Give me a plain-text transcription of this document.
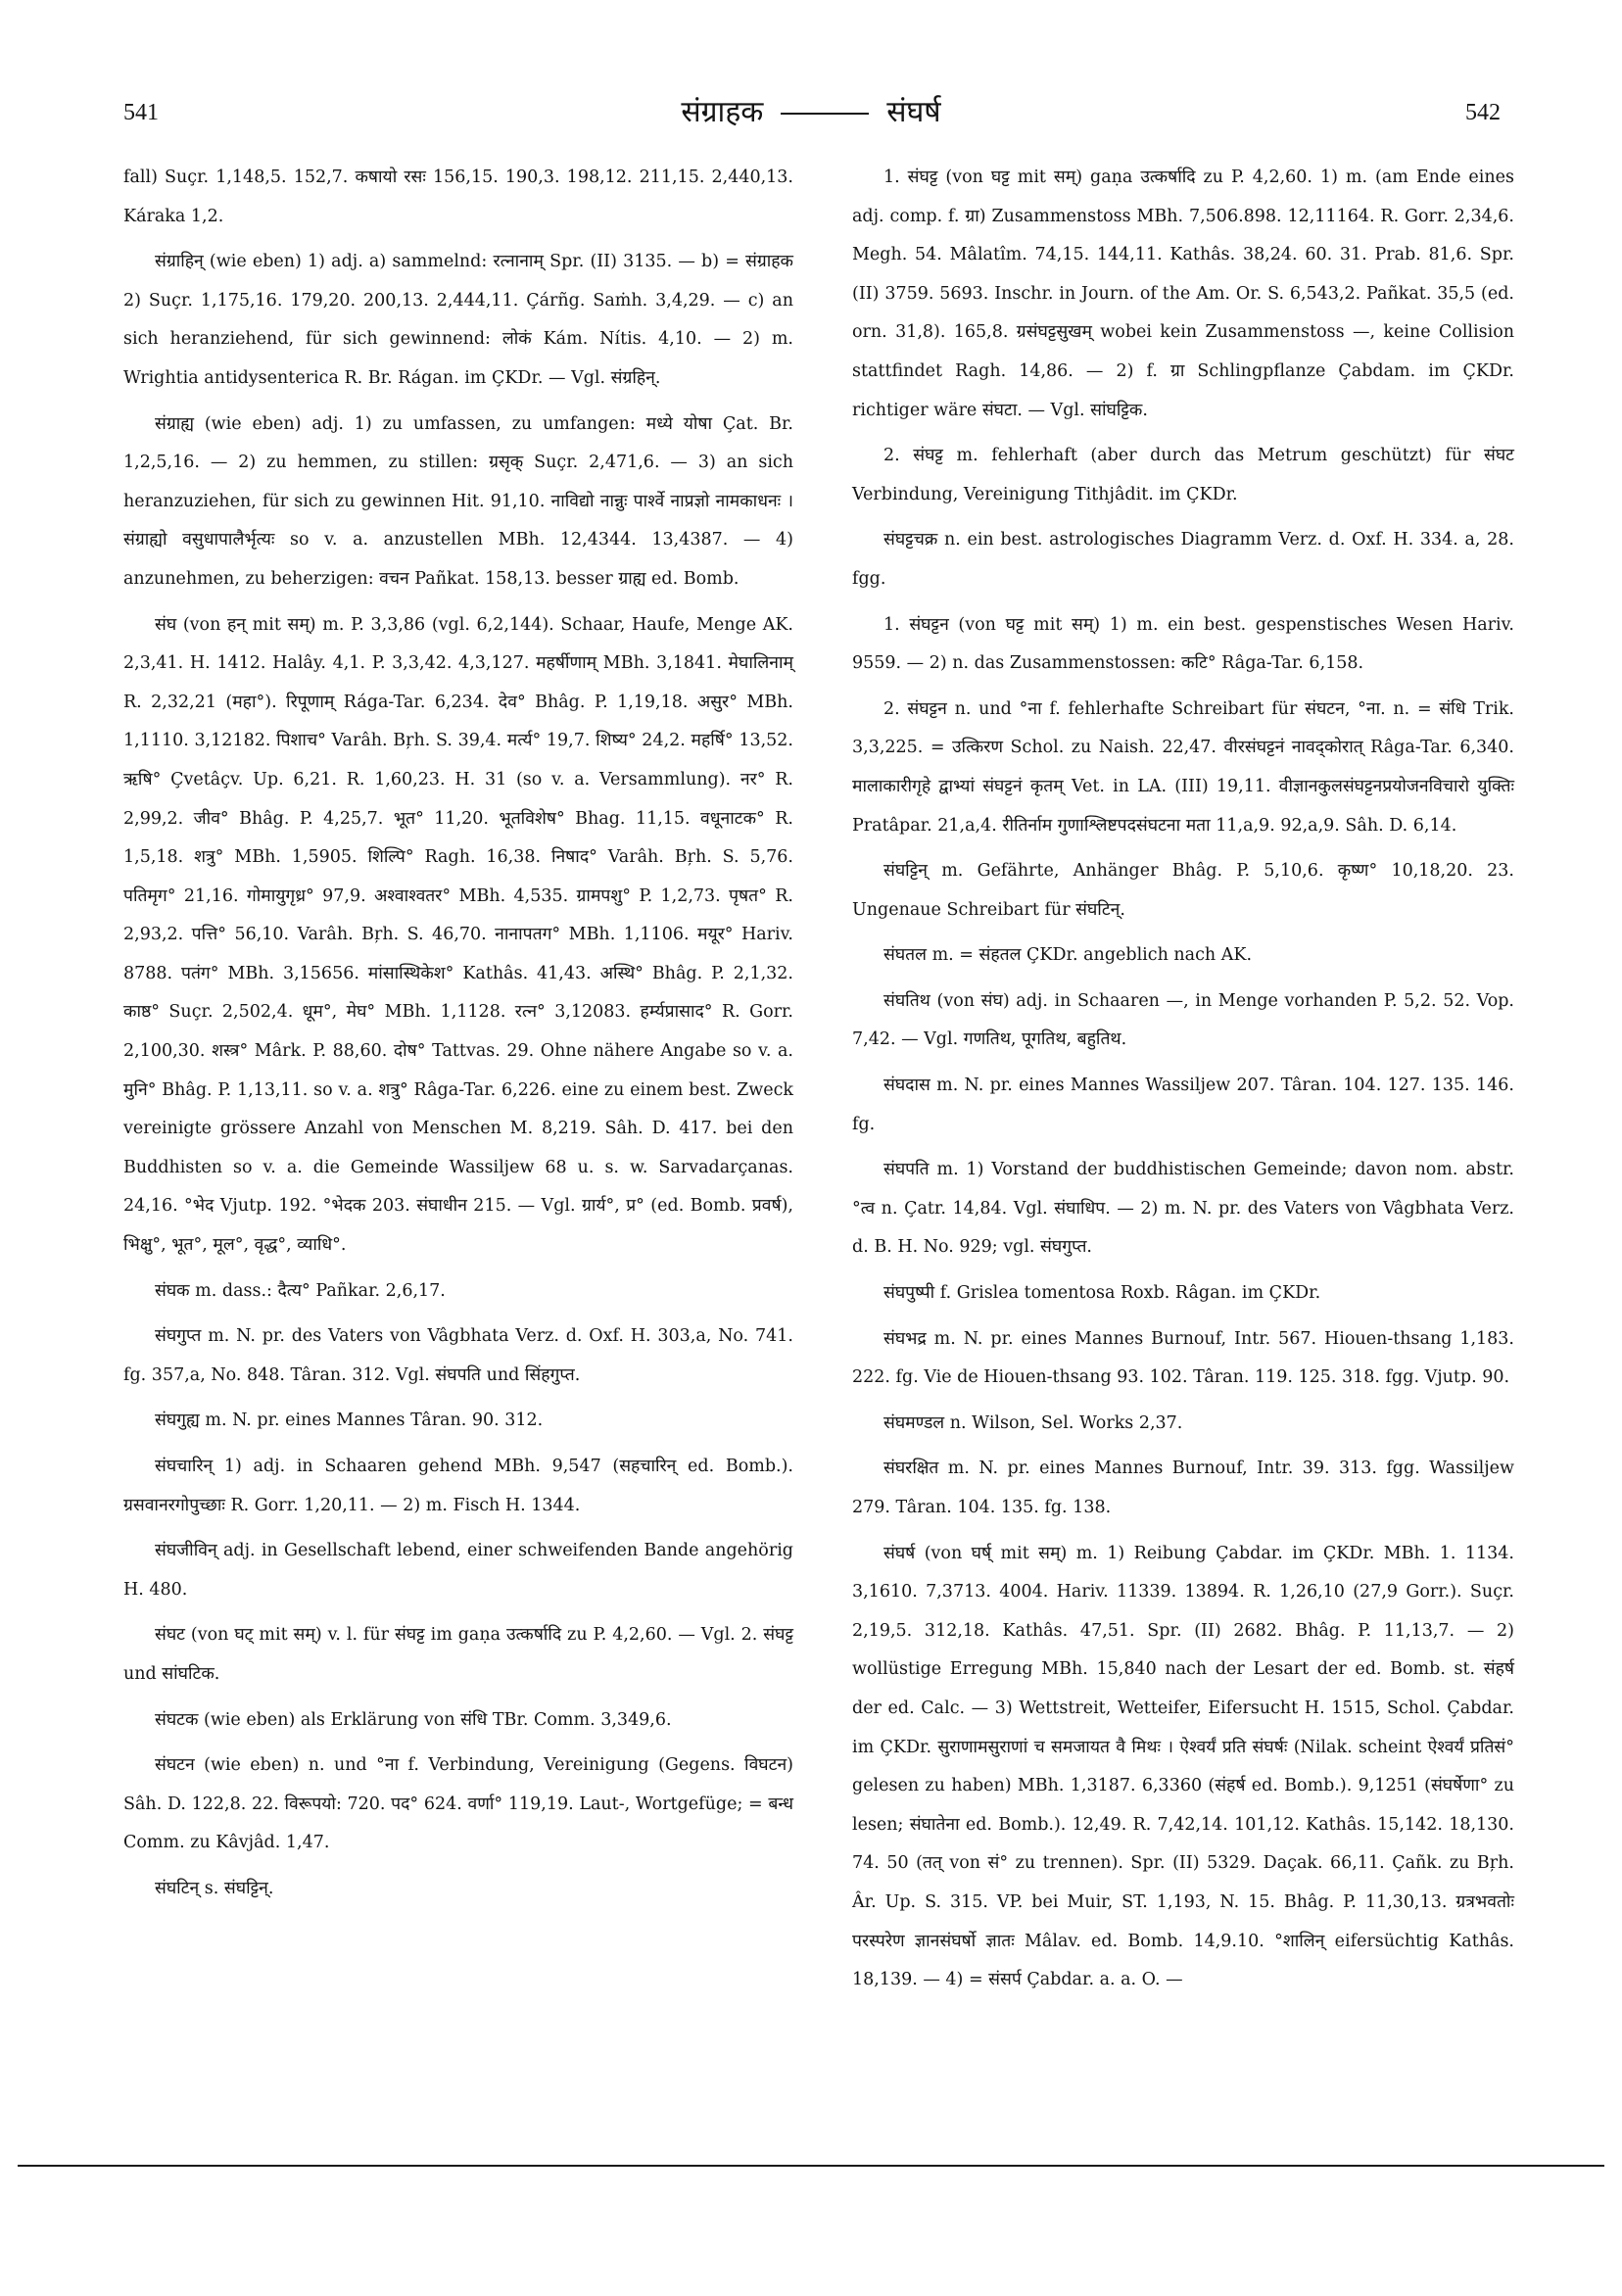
541	संग्राहक	संघर्ष	542

fall) Suçr. 1,148,5. 152,7. कषायो रसः 156,15. 190,3. 198,12. 211,15. 2,440,13. Káraka 1,2.

संग्राहिन् (wie eben) 1) adj. a) sammelnd: रत्नानाम् Spr. (II) 3135. — b) = संग्राहक 2) Suçr. 1,175,16. 179,20. 200,13. 2,444,11. Çárñg. Saṁh. 3,4,29. — c) an sich heranziehend, für sich gewinnend: लोकं Kám. Nítis. 4,10. — 2) m. Wrightia antidysenterica R. Br. Rágan. im ÇKDr. — Vgl. संग्रहिन्.

संग्राह्य (wie eben) adj. 1) zu umfassen, zu umfangen: मध्ये योषा Çat. Br. 1,2,5,16. — 2) zu hemmen, zu stillen: ग्रसृक् Suçr. 2,471,6. — 3) an sich heranzuziehen, für sich zu gewinnen Hit. 91,10. नाविद्यो नान्नुः पार्श्वे नाप्रज्ञो नामकाधनः । संग्राह्यो वसुधापालैर्भृत्यः so v. a. anzustellen MBh. 12,4344. 13,4387. — 4) anzunehmen, zu beherzigen: वचन Pañkat. 158,13. besser ग्राह्य ed. Bomb.

संघ (von हन् mit सम्) m. P. 3,3,86 (vgl. 6,2,144). Schaar, Haufe, Menge AK. 2,3,41. H. 1412. Halây. 4,1. P. 3,3,42. 4,3,127. महर्षीणाम् MBh. 3,1841. मेघालिनाम् R. 2,32,21 (महा°). रिपूणाम् Rága-Tar. 6,234. देव° Bhâg. P. 1,19,18. असुर° MBh. 1,1110. 3,12182. पिशाच° Varâh. Bŗh. S. 39,4. मर्त्य° 19,7. शिष्य° 24,2. महर्षि° 13,52. ऋषि° Çvetâçv. Up. 6,21. R. 1,60,23. H. 31 (so v. a. Versammlung). नर° R. 2,99,2. जीव° Bhâg. P. 4,25,7. भूत° 11,20. भूतविशेष° Bhag. 11,15. वधूनाटक° R. 1,5,18. शत्रु° MBh. 1,5905. शिल्पि° Ragh. 16,38. निषाद° Varâh. Bŗh. S. 5,76. पतिमृग° 21,16. गोमायुगृध्र° 97,9. अश्वाश्वतर° MBh. 4,535. ग्रामपशु° P. 1,2,73. पृषत° R. 2,93,2. पत्ति° 56,10. Varâh. Bŗh. S. 46,70. नानापतग° MBh. 1,1106. मयूर° Hariv. 8788. पतंग° MBh. 3,15656. मांसास्थिकेश° Kathâs. 41,43. अस्थि° Bhâg. P. 2,1,32. काष्ठ° Suçr. 2,502,4. धूम°, मेघ° MBh. 1,1128. रत्न° 3,12083. हर्म्यप्रासाद° R. Gorr. 2,100,30. शस्त्र° Mârk. P. 88,60. दोष° Tattvas. 29. Ohne nähere Angabe so v. a. मुनि° Bhâg. P. 1,13,11. so v. a. शत्रु° Râga-Tar. 6,226. eine zu einem best. Zweck vereinigte grössere Anzahl von Menschen M. 8,219. Sâh. D. 417. bei den Buddhisten so v. a. die Gemeinde Wassiljew 68 u. s. w. Sarvadarçanas. 24,16. °भेद Vjutp. 192. °भेदक 203. संघाधीन 215. — Vgl. ग्रार्य°, प्र° (ed. Bomb. प्रवर्ष), भिक्षु°, भूत°, मूल°, वृद्ध°, व्याधि°.

संघक m. dass.: दैत्य° Pañkar. 2,6,17.

संघगुप्त m. N. pr. des Vaters von Vâgbhata Verz. d. Oxf. H. 303,a, No. 741. fg. 357,a, No. 848. Târan. 312. Vgl. संघपति und सिंहगुप्त.

संघगुह्य m. N. pr. eines Mannes Târan. 90. 312.

संघचारिन् 1) adj. in Schaaren gehend MBh. 9,547 (सहचारिन् ed. Bomb.). ग्रसवानरगोपुच्छाः R. Gorr. 1,20,11. — 2) m. Fisch H. 1344.

संघजीविन् adj. in Gesellschaft lebend, einer schweifenden Bande angehörig H. 480.

संघट (von घट् mit सम्) v. l. für संघट्ट im gaṇa उत्कर्षादि zu P. 4,2,60. — Vgl. 2. संघट्ट und सांघटिक.

संघटक (wie eben) als Erklärung von संधि TBr. Comm. 3,349,6.

संघटन (wie eben) n. und °ना f. Verbindung, Vereinigung (Gegens. विघटन) Sâh. D. 122,8. 22. विरूपयो: 720. पद° 624. वर्णा° 119,19. Laut-, Wortgefüge; = बन्ध Comm. zu Kâvjâd. 1,47.

संघटिन् s. संघट्टिन्.

1. संघट्ट (von घट्ट mit सम्) gaṇa उत्कर्षादि zu P. 4,2,60. 1) m. (am Ende eines adj. comp. f. ग्रा) Zusammenstoss MBh. 7,506.898. 12,11164. R. Gorr. 2,34,6. Megh. 54. Mâlatîm. 74,15. 144,11. Kathâs. 38,24. 60. 31. Prab. 81,6. Spr. (II) 3759. 5693. Inschr. in Journ. of the Am. Or. S. 6,543,2. Pañkat. 35,5 (ed. orn. 31,8). 165,8. ग्रसंघट्टसुखम् wobei kein Zusammenstoss —, keine Collision stattfindet Ragh. 14,86. — 2) f. ग्रा Schlingpflanze Çabdam. im ÇKDr. richtiger wäre संघटा. — Vgl. सांघट्टिक.

2. संघट्ट m. fehlerhaft (aber durch das Metrum geschützt) für संघट Verbindung, Vereinigung Tithjâdit. im ÇKDr.

संघट्टचक्र n. ein best. astrologisches Diagramm Verz. d. Oxf. H. 334. a, 28. fgg.

1. संघट्टन (von घट्ट mit सम्) 1) m. ein best. gespenstisches Wesen Hariv. 9559. — 2) n. das Zusammenstossen: कटि° Râga-Tar. 6,158.

2. संघट्टन n. und °ना f. fehlerhafte Schreibart für संघटन, °ना. n. = संधि Trik. 3,3,225. = उत्किरण Schol. zu Naish. 22,47. वीरसंघट्टनं नावद्कोरात् Râga-Tar. 6,340. मालाकारीगृहे द्वाभ्यां संघट्टनं कृतम् Vet. in LA. (III) 19,11. वीज्ञानकुलसंघट्टनप्रयोजनविचारो युक्तिः Pratâpar. 21,a,4. रीतिर्नाम गुणाश्लिष्टपदसंघटना मता 11,a,9. 92,a,9. Sâh. D. 6,14.

संघट्टिन् m. Gefährte, Anhänger Bhâg. P. 5,10,6. कृष्ण° 10,18,20. 23. Ungenaue Schreibart für संघटिन्.

संघतल m. = संहतल ÇKDr. angeblich nach AK.

संघतिथ (von संघ) adj. in Schaaren —, in Menge vorhanden P. 5,2. 52. Vop. 7,42. — Vgl. गणतिथ, पूगतिथ, बहुतिथ.

संघदास m. N. pr. eines Mannes Wassiljew 207. Târan. 104. 127. 135. 146. fg.

संघपति m. 1) Vorstand der buddhistischen Gemeinde; davon nom. abstr. °त्व n. Çatr. 14,84. Vgl. संघाधिप. — 2) m. N. pr. des Vaters von Vâgbhata Verz. d. B. H. No. 929; vgl. संघगुप्त.

संघपुष्पी f. Grislea tomentosa Roxb. Râgan. im ÇKDr.

संघभद्र m. N. pr. eines Mannes Burnouf, Intr. 567. Hiouen-thsang 1,183. 222. fg. Vie de Hiouen-thsang 93. 102. Târan. 119. 125. 318. fgg. Vjutp. 90.

संघमण्डल n. Wilson, Sel. Works 2,37.

संघरक्षित m. N. pr. eines Mannes Burnouf, Intr. 39. 313. fgg. Wassiljew 279. Târan. 104. 135. fg. 138.

संघर्ष (von घर्ष् mit सम्) m. 1) Reibung Çabdar. im ÇKDr. MBh. 1. 1134. 3,1610. 7,3713. 4004. Hariv. 11339. 13894. R. 1,26,10 (27,9 Gorr.). Suçr. 2,19,5. 312,18. Kathâs. 47,51. Spr. (II) 2682. Bhâg. P. 11,13,7. — 2) wollüstige Erregung MBh. 15,840 nach der Lesart der ed. Bomb. st. संहर्ष der ed. Calc. — 3) Wettstreit, Wetteifer, Eifersucht H. 1515, Schol. Çabdar. im ÇKDr. सुराणामसुराणां च समजायत वै मिथः । ऐश्वर्यं प्रति संघर्षः (Nilak. scheint ऐश्वर्यं प्रतिसं° gelesen zu haben) MBh. 1,3187. 6,3360 (संहर्ष ed. Bomb.). 9,1251 (संघर्षेणा° zu lesen; संघातेना ed. Bomb.). 12,49. R. 7,42,14. 101,12. Kathâs. 15,142. 18,130. 74. 50 (तत् von सं° zu trennen). Spr. (II) 5329. Daçak. 66,11. Çañk. zu Bŗh. Âr. Up. S. 315. VP. bei Muir, ST. 1,193, N. 15. Bhâg. P. 11,30,13. ग्रत्रभवतोः परस्परेण ज्ञानसंघर्षो ज्ञातः Mâlav. ed. Bomb. 14,9.10. °शालिन् eifersüchtig Kathâs. 18,139. — 4) = संसर्प Çabdar. a. a. O. —
